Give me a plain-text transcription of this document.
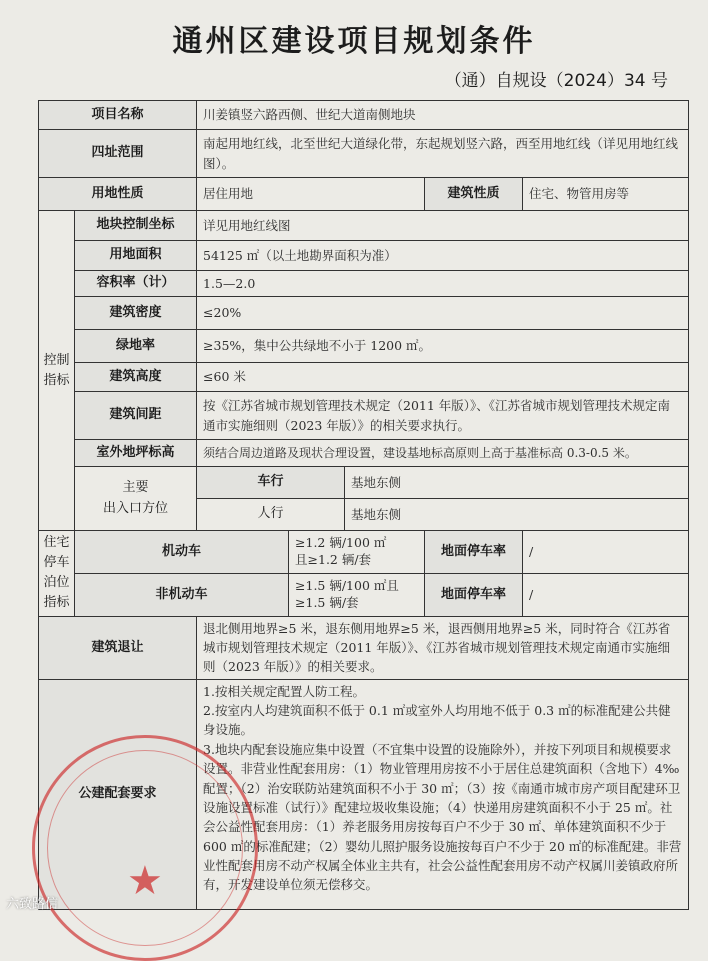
通州区建设项目规划条件
（通）自规设（2024）34 号
项目名称		川姜镇竖六路西侧、世纪大道南侧地块				
四址范围		南起用地红线，北至世纪大道绿化带，东起规划竖六路，西至用地红线（详见用地红线图）。				
用地性质		居住用地			建筑性质	住宅、物管用房等

控制
指标	地块控制坐标	详见用地红线图				
	用地面积	54125 ㎡（以土地勘界面积为准）				
	容积率（计）	1.5—2.0				
	建筑密度	≤20%				
	绿地率	≥35%，集中公共绿地不小于 1200 ㎡。				
	建筑高度	≤60 米				
	建筑间距	按《江苏省城市规划管理技术规定（2011 年版）》、《江苏省城市规划管理技术规定南通市实施细则（2023 年版）》的相关要求执行。				
	室外地坪标高	须结合周边道路及现状合理设置，建设基地标高原则上高于基准标高 0.3-0.5 米。				

	主要
出入口方位	车行		基地东侧		
		人行		基地东侧		

住宅
停车泊位指标	机动车		≥1.2 辆/100 ㎡
且≥1.2 辆/套		地面停车率	/
	非机动车		≥1.5 辆/100 ㎡且
≥1.5 辆/套		地面停车率	/
建筑退让		退北侧用地界≥5 米，退东侧用地界≥5 米，退西侧用地界≥5 米，同时符合《江苏省城市规划管理技术规定（2011 年版）》、《江苏省城市规划管理技术规定南通市实施细则（2023 年版）》的相关要求。				
公建配套要求		1.按相关规定配置人防工程。
2.按室内人均建筑面积不低于 0.1 ㎡或室外人均用地不低于 0.3 ㎡的标准配建公共健身设施。
3.地块内配套设施应集中设置（不宜集中设置的设施除外），并按下列项目和规模要求设置。非营业性配套用房：（1）物业管理用房按不小于居住总建筑面积（含地下）4‰配置；（2）治安联防站建筑面积不小于 30 ㎡；（3）按《南通市城市房产项目配建环卫设施设置标准（试行）》配建垃圾收集设施；（4）快递用房建筑面积不小于 25 ㎡。社会公益性配套用房：（1）养老服务用房按每百户不少于 30 ㎡、单体建筑面积不少于 600 ㎡的标准配建；（2）婴幼儿照护服务设施按每百户不少于 20 ㎡的标准配建。非营业性配套用房不动产权属全体业主共有，社会公益性配套用房不动产权属川姜镇政府所有，开发建设单位须无偿移交。				
★
六致路信
